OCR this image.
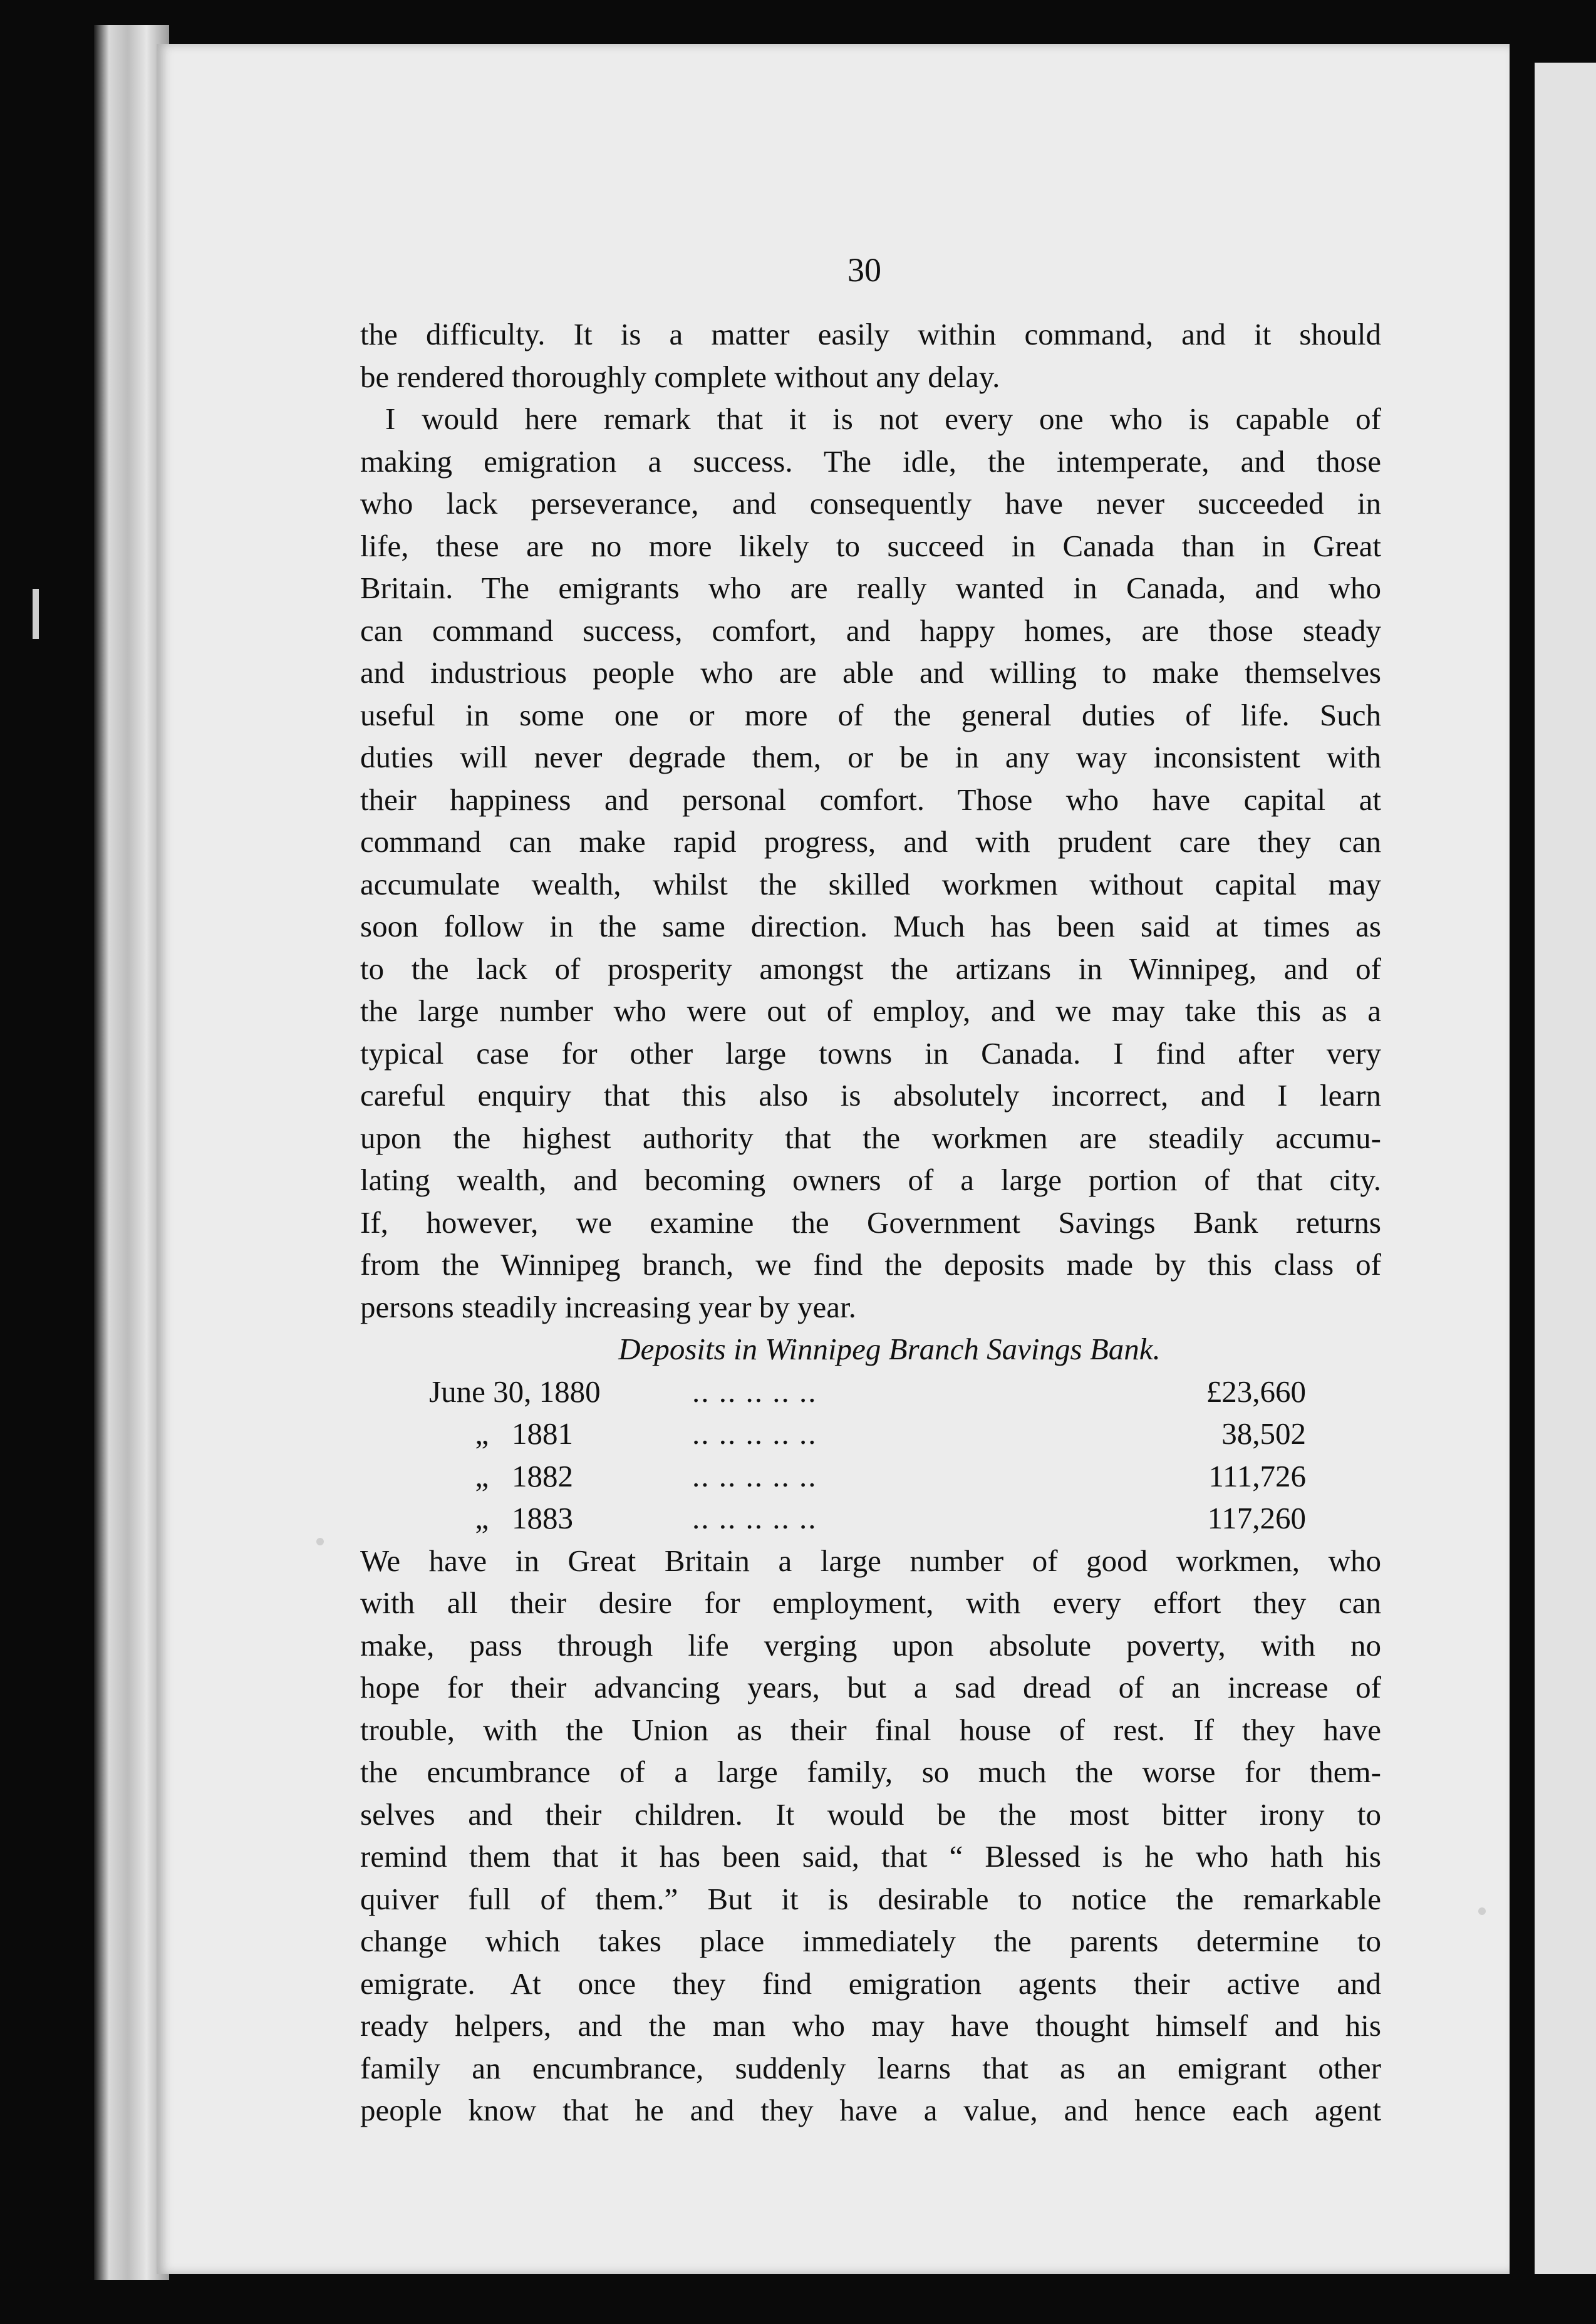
30
the difficulty. It is a matter easily within command, and it should
be rendered thoroughly complete without any delay.
I would here remark that it is not every one who is capable of
making emigration a success. The idle, the intemperate, and those
who lack perseverance, and consequently have never succeeded in
life, these are no more likely to succeed in Canada than in Great
Britain. The emigrants who are really wanted in Canada, and who
can command success, comfort, and happy homes, are those steady
and industrious people who are able and willing to make themselves
useful in some one or more of the general duties of life. Such
duties will never degrade them, or be in any way inconsistent with
their happiness and personal comfort. Those who have capital at
command can make rapid progress, and with prudent care they can
accumulate wealth, whilst the skilled workmen without capital may
soon follow in the same direction. Much has been said at times as
to the lack of prosperity amongst the artizans in Winnipeg, and of
the large number who were out of employ, and we may take this as a
typical case for other large towns in Canada. I find after very
careful enquiry that this also is absolutely incorrect, and I learn
upon the highest authority that the workmen are steadily accumu-
lating wealth, and becoming owners of a large portion of that city.
If, however, we examine the Government Savings Bank returns
from the Winnipeg branch, we find the deposits made by this class of
persons steadily increasing year by year.
Deposits in Winnipeg Branch Savings Bank.
June 30, 1880	.. .. .. .. ..	£23,660
„   1881	.. .. .. .. ..	38,502
„   1882	.. .. .. .. ..	111,726
„   1883	.. .. .. .. ..	117,260
We have in Great Britain a large number of good workmen, who
with all their desire for employment, with every effort they can
make, pass through life verging upon absolute poverty, with no
hope for their advancing years, but a sad dread of an increase of
trouble, with the Union as their final house of rest. If they have
the encumbrance of a large family, so much the worse for them-
selves and their children. It would be the most bitter irony to
remind them that it has been said, that “ Blessed is he who hath his
quiver full of them.” But it is desirable to notice the remarkable
change which takes place immediately the parents determine to
emigrate. At once they find emigration agents their active and
ready helpers, and the man who may have thought himself and his
family an encumbrance, suddenly learns that as an emigrant other
people know that he and they have a value, and hence each agent
